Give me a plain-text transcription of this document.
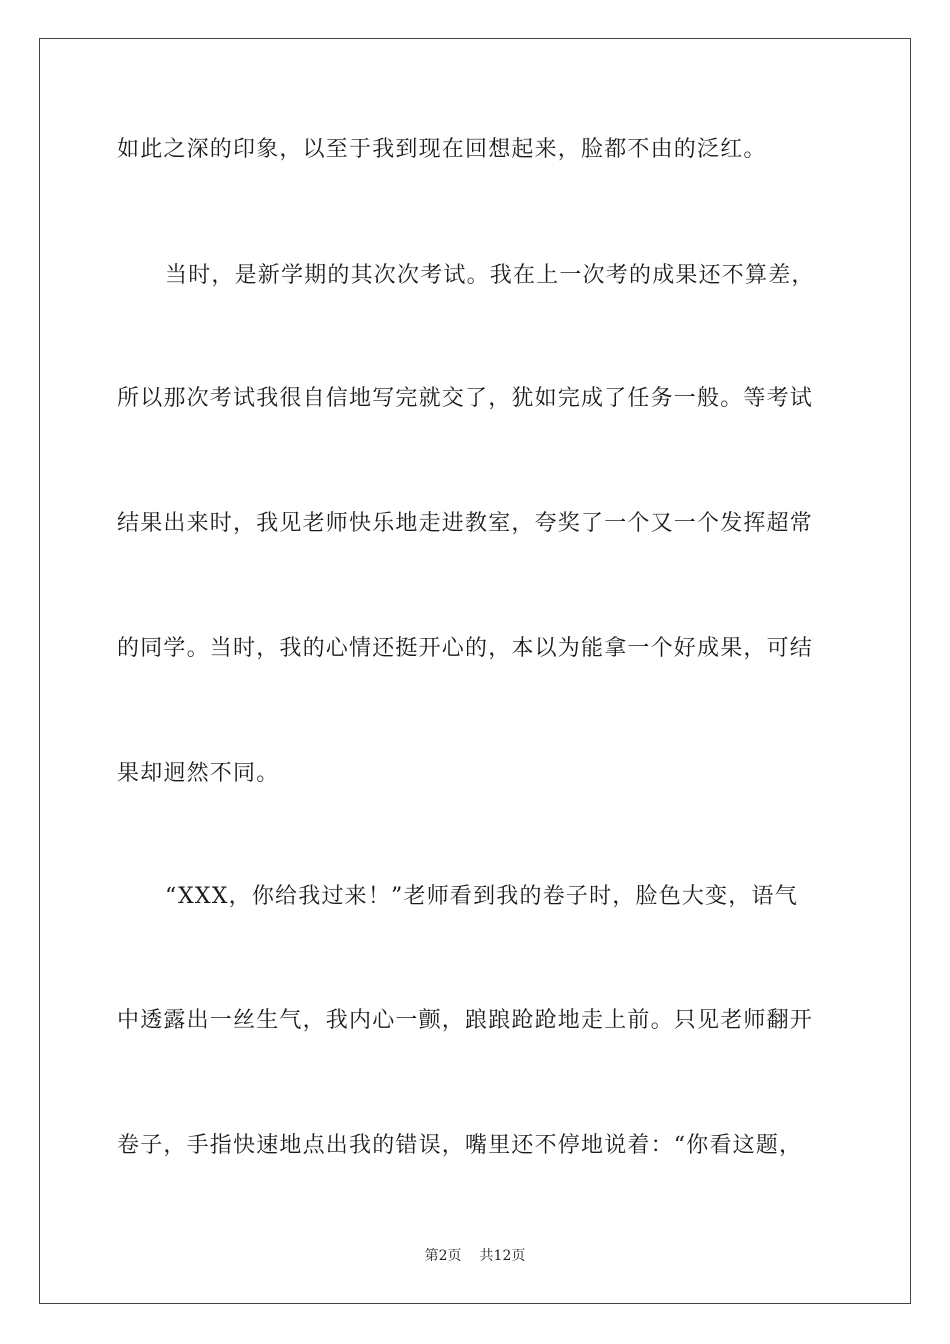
如此之深的印象，以至于我到现在回想起来，脸都不由的泛红。
当时，是新学期的其次次考试。我在上一次考的成果还不算差，
所以那次考试我很自信地写完就交了，犹如完成了任务一般。等考试
结果出来时，我见老师快乐地走进教室，夸奖了一个又一个发挥超常
的同学。当时，我的心情还挺开心的，本以为能拿一个好成果，可结
果却迥然不同。
“XXX，你给我过来！”老师看到我的卷子时，脸色大变，语气
中透露出一丝生气，我内心一颤，踉踉跄跄地走上前。只见老师翻开
卷子，手指快速地点出我的错误，嘴里还不停地说着：“你看这题，
第2页 共12页
